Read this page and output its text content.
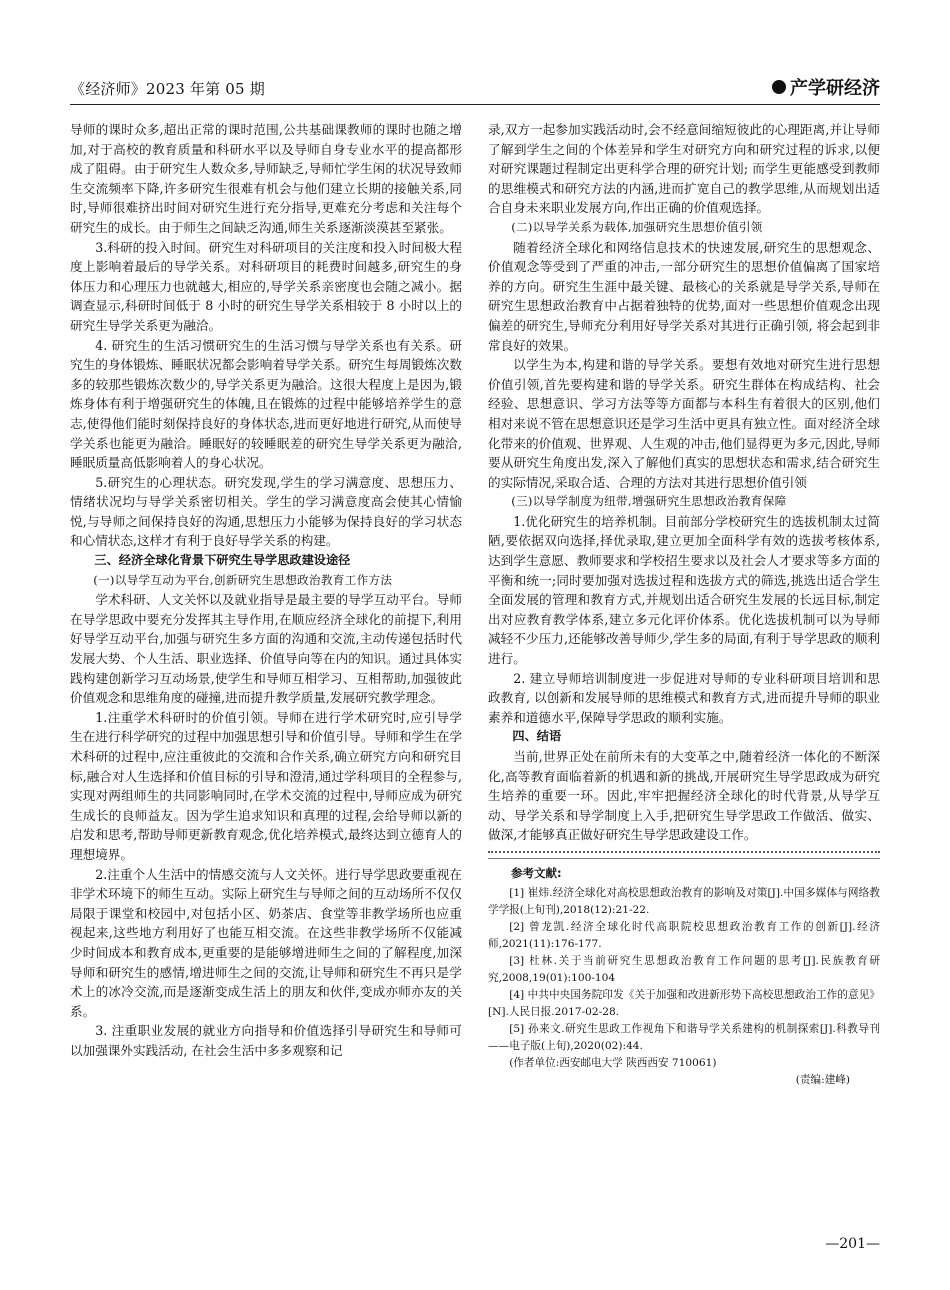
《经济师》2023 年第 05 期	产学研经济

导师的课时众多,超出正常的课时范围,公共基础课教师的课时也随之增加,对于高校的教育质量和科研水平以及导师自身专业水平的提高都形成了阻碍。由于研究生人数众多,导师缺乏,导师忙学生闲的状况导致师生交流频率下降,许多研究生很难有机会与他们建立长期的接触关系,同时,导师很难挤出时间对研究生进行充分指导,更难充分考虑和关注每个研究生的成长。由于师生之间缺乏沟通,师生关系逐渐淡漠甚至紧张。

3.科研的投入时间。研究生对科研项目的关注度和投入时间极大程度上影响着最后的导学关系。对科研项目的耗费时间越多,研究生的身体压力和心理压力也就越大,相应的,导学关系亲密度也会随之减小。据调查显示,科研时间低于 8 小时的研究生导学关系相较于 8 小时以上的研究生导学关系更为融洽。

4. 研究生的生活习惯研究生的生活习惯与导学关系也有关系。研究生的身体锻炼、睡眠状况都会影响着导学关系。研究生每周锻炼次数多的较那些锻炼次数少的,导学关系更为融洽。这很大程度上是因为,锻炼身体有利于增强研究生的体魄,且在锻炼的过程中能够培养学生的意志,使得他们能时刻保持良好的身体状态,进而更好地进行研究,从而使导学关系也能更为融洽。睡眠好的较睡眠差的研究生导学关系更为融洽,睡眠质量高低影响着人的身心状况。

5.研究生的心理状态。研究发现,学生的学习满意度、思想压力、情绪状况均与导学关系密切相关。学生的学习满意度高会使其心情愉悦,与导师之间保持良好的沟通,思想压力小能够为保持良好的学习状态和心情状态,这样才有利于良好导学关系的构建。

三、经济全球化背景下研究生导学思政建设途径

(一)以导学互动为平台,创新研究生思想政治教育工作方法

学术科研、人文关怀以及就业指导是最主要的导学互动平台。导师在导学思政中要充分发挥其主导作用,在顺应经济全球化的前提下,利用好导学互动平台,加强与研究生多方面的沟通和交流,主动传递包括时代发展大势、个人生活、职业选择、价值导向等在内的知识。通过具体实践构建创新学习互动场景,使学生和导师互相学习、互相帮助,加强彼此价值观念和思维角度的碰撞,进而提升教学质量,发展研究教学理念。

1.注重学术科研时的价值引领。导师在进行学术研究时,应引导学生在进行科学研究的过程中加强思想引导和价值引导。导师和学生在学术科研的过程中,应注重彼此的交流和合作关系,确立研究方向和研究目标,融合对人生选择和价值目标的引导和澄清,通过学科项目的全程参与,实现对两组师生的共同影响同时,在学术交流的过程中,导师应成为研究生成长的良师益友。因为学生追求知识和真理的过程,会给导师以新的启发和思考,帮助导师更新教育观念,优化培养模式,最终达到立德育人的理想境界。

2.注重个人生活中的情感交流与人文关怀。进行导学思政要重视在非学术环境下的师生互动。实际上研究生与导师之间的互动场所不仅仅局限于课堂和校园中,对包括小区、奶茶店、食堂等非教学场所也应重视起来,这些地方利用好了也能互相交流。在这些非教学场所不仅能减少时间成本和教育成本,更重要的是能够增进师生之间的了解程度,加深导师和研究生的感情,增进师生之间的交流,让导师和研究生不再只是学术上的冰冷交流,而是逐渐变成生活上的朋友和伙伴,变成亦师亦友的关系。

3. 注重职业发展的就业方向指导和价值选择引导研究生和导师可以加强课外实践活动, 在社会生活中多多观察和记

录,双方一起参加实践活动时,会不经意间缩短彼此的心理距离,并让导师了解到学生之间的个体差异和学生对研究方向和研究过程的诉求,以便对研究课题过程制定出更科学合理的研究计划; 而学生更能感受到教师的思维模式和研究方法的内涵,进而扩宽自己的教学思维,从而规划出适合自身未来职业发展方向,作出正确的价值观选择。

(二)以导学关系为载体,加强研究生思想价值引领

随着经济全球化和网络信息技术的快速发展,研究生的思想观念、价值观念等受到了严重的冲击,一部分研究生的思想价值偏离了国家培养的方向。研究生生涯中最关键、最核心的关系就是导学关系,导师在研究生思想政治教育中占据着独特的优势,面对一些思想价值观念出现偏差的研究生,导师充分利用好导学关系对其进行正确引领, 将会起到非常良好的效果。

以学生为本,构建和谐的导学关系。要想有效地对研究生进行思想价值引领,首先要构建和谐的导学关系。研究生群体在构成结构、社会经验、思想意识、学习方法等等方面都与本科生有着很大的区别,他们相对来说不管在思想意识还是学习生活中更具有独立性。面对经济全球化带来的价值观、世界观、人生观的冲击,他们显得更为多元,因此,导师要从研究生角度出发,深入了解他们真实的思想状态和需求,结合研究生的实际情况,采取合适、合理的方法对其进行思想价值引领

(三)以导学制度为纽带,增强研究生思想政治教育保障

1.优化研究生的培养机制。目前部分学校研究生的选拔机制太过简陋,要依据双向选择,择优录取,建立更加全面科学有效的选拔考核体系,达到学生意愿、教师要求和学校招生要求以及社会人才要求等多方面的平衡和统一;同时要加强对选拔过程和选拔方式的筛选,挑选出适合学生全面发展的管理和教育方式,并规划出适合研究生发展的长远目标,制定出对应教育教学体系,建立多元化评价体系。优化选拔机制可以为导师减轻不少压力,还能够改善导师少,学生多的局面,有利于导学思政的顺利进行。

2. 建立导师培训制度进一步促进对导师的专业科研项目培训和思政教育, 以创新和发展导师的思维模式和教育方式,进而提升导师的职业素养和道德水平,保障导学思政的顺利实施。

四、结语

当前,世界正处在前所未有的大变革之中,随着经济一体化的不断深化,高等教育面临着新的机遇和新的挑战,开展研究生导学思政成为研究生培养的重要一环。因此,牢牢把握经济全球化的时代背景,从导学互动、导学关系和导学制度上入手,把研究生导学思政工作做活、做实、做深,才能够真正做好研究生导学思政建设工作。

参考文献:

[1] 崔炜.经济全球化对高校思想政治教育的影响及对策[J].中国多媒体与网络教学学报(上旬刊),2018(12):21-22.

[2] 曾龙凯.经济全球化时代高职院校思想政治教育工作的创新[J].经济师,2021(11):176-177.

[3] 杜林.关于当前研究生思想政治教育工作问题的思考[J].民族教育研究,2008,19(01):100-104

[4] 中共中央国务院印发《关于加强和改进新形势下高校思想政治工作的意见》[N].人民日报.2017-02-28.

[5] 孙来文.研究生思政工作视角下和谐导学关系建构的机制探索[J].科教导刊——电子版(上旬),2020(02):44.

(作者单位:西安邮电大学 陕西西安 710061)

(责编:建峰)

—201—
